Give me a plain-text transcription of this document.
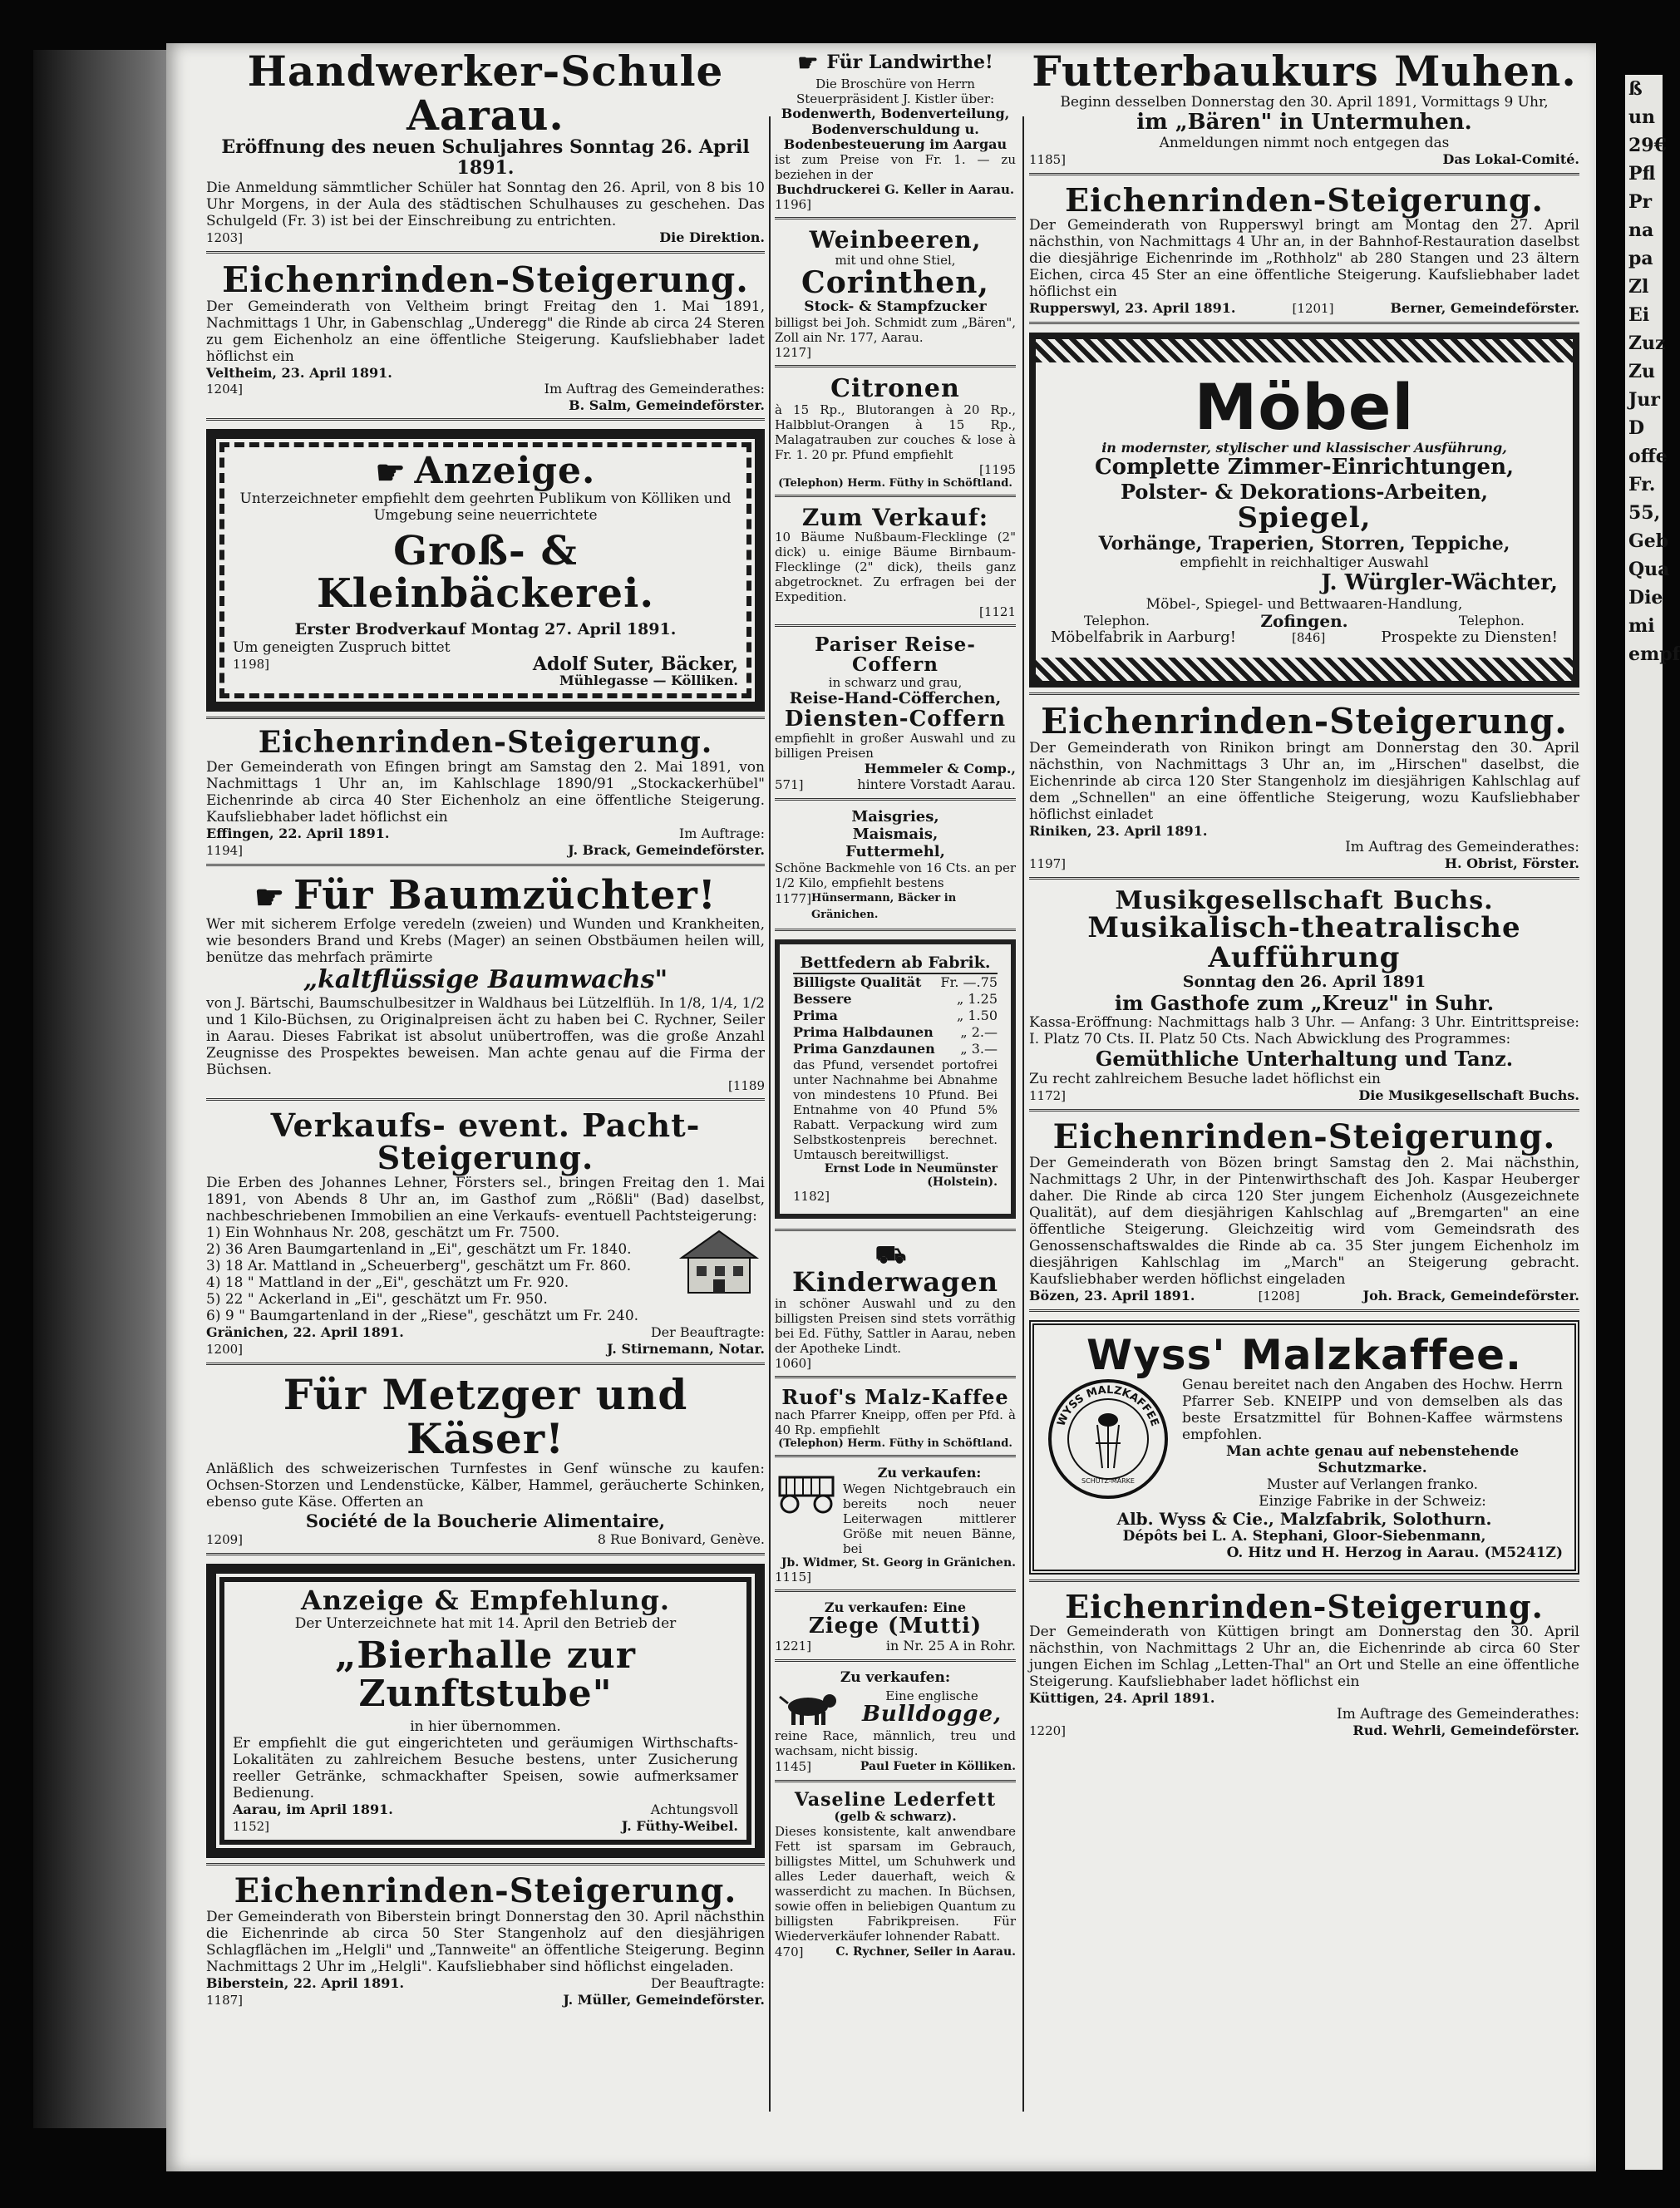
ß
un
29€
Pfl
Pr
na
pa
Zl
Ei
Zuz
Zu
Jur
D
offe
Fr.
55,
Geb
Qua
Die
mi
empf
Handwerker-Schule Aarau.
Eröffnung des neuen Schuljahres Sonntag 26. April 1891.
Die Anmeldung sämmtlicher Schüler hat Sonntag den 26. April, von 8 bis 10 Uhr Morgens, in der Aula des städtischen Schulhauses zu geschehen. Das Schulgeld (Fr. 3) ist bei der Einschreibung zu entrichten.
1203]	Die Direktion.
Eichenrinden-Steigerung.
Der Gemeinderath von Veltheim bringt Freitag den 1. Mai 1891, Nachmittags 1 Uhr, in Gabenschlag „Underegg" die Rinde ab circa 24 Steren zu gem Eichenholz an eine öffentliche Steigerung. Kaufsliebhaber ladet höflichst ein
Veltheim, 23. April 1891.
1204]	Im Auftrag des Gemeinderathes:
B. Salm, Gemeindeförster.
☛ Anzeige.
Unterzeichneter empfiehlt dem geehrten Publikum von Kölliken und Umgebung seine neuerrichtete
Groß- & Kleinbäckerei.
Erster Brodverkauf Montag 27. April 1891.
Um geneigten Zuspruch bittet
1198]	Adolf Suter, Bäcker,
Mühlegasse — Kölliken.
Eichenrinden-Steigerung.
Der Gemeinderath von Efingen bringt am Samstag den 2. Mai 1891, von Nachmittags 1 Uhr an, im Kahlschlage 1890/91 „Stockackerhübel" Eichenrinde ab circa 40 Ster Eichenholz an eine öffentliche Steigerung. Kaufsliebhaber ladet höflichst ein
Effingen, 22. April 1891.	Im Auftrage:
1194]	J. Brack, Gemeindeförster.
☛ Für Baumzüchter!
Wer mit sicherem Erfolge veredeln (zweien) und Wunden und Krankheiten, wie besonders Brand und Krebs (Mager) an seinen Obstbäumen heilen will, benütze das mehrfach prämirte
„kaltflüssige Baumwachs"
von J. Bärtschi, Baumschulbesitzer in Waldhaus bei Lützelflüh. In 1/8, 1/4, 1/2 und 1 Kilo-Büchsen, zu Originalpreisen ächt zu haben bei C. Rychner, Seiler in Aarau. Dieses Fabrikat ist absolut unübertroffen, was die große Anzahl Zeugnisse des Prospektes beweisen. Man achte genau auf die Firma der Büchsen.
[1189
Verkaufs- event. Pacht-Steigerung.
Die Erben des Johannes Lehner, Försters sel., bringen Freitag den 1. Mai 1891, von Abends 8 Uhr an, im Gasthof zum „Rößli" (Bad) daselbst, nachbeschriebenen Immobilien an eine Verkaufs- eventuell Pachtsteigerung:
1) Ein Wohnhaus Nr. 208, geschätzt um Fr. 7500.
2) 36 Aren Baumgartenland in „Ei", geschätzt um Fr. 1840.
3) 18 Ar. Mattland in „Scheuerberg", geschätzt um Fr. 860.
4) 18 " Mattland in der „Ei", geschätzt um Fr. 920.
5) 22 " Ackerland in „Ei", geschätzt um Fr. 950.
6) 9 " Baumgartenland in der „Riese", geschätzt um Fr. 240.
Gränichen, 22. April 1891.	Der Beauftragte:
1200]	J. Stirnemann, Notar.
Für Metzger und Käser!
Anläßlich des schweizerischen Turnfestes in Genf wünsche zu kaufen: Ochsen-Storzen und Lendenstücke, Kälber, Hammel, geräucherte Schinken, ebenso gute Käse. Offerten an
Société de la Boucherie Alimentaire,
1209]	8 Rue Bonivard, Genève.
Anzeige & Empfehlung.
Der Unterzeichnete hat mit 14. April den Betrieb der
„Bierhalle zur Zunftstube"
in hier übernommen.
Er empfiehlt die gut eingerichteten und geräumigen Wirthschafts-Lokalitäten zu zahlreichem Besuche bestens, unter Zusicherung reeller Getränke, schmackhafter Speisen, sowie aufmerksamer Bedienung.
Aarau, im April 1891.	Achtungsvoll
1152]	J. Füthy-Weibel.
Eichenrinden-Steigerung.
Der Gemeinderath von Biberstein bringt Donnerstag den 30. April nächsthin die Eichenrinde ab circa 50 Ster Stangenholz auf den diesjährigen Schlagflächen im „Helgli" und „Tannweite" an öffentliche Steigerung. Beginn Nachmittags 2 Uhr im „Helgli". Kaufsliebhaber sind höflichst eingeladen.
Biberstein, 22. April 1891.	Der Beauftragte:
1187]	J. Müller, Gemeindeförster.
☛ Für Landwirthe!
Die Broschüre von Herrn Steuerpräsident J. Kistler über:
Bodenwerth, Bodenverteilung, Bodenverschuldung u. Bodenbesteuerung im Aargau
ist zum Preise von Fr. 1. — zu beziehen in der
Buchdruckerei G. Keller in Aarau.
1196]
Weinbeeren,
mit und ohne Stiel,
Corinthen,
Stock- & Stampfzucker
billigst bei Joh. Schmidt zum „Bären", Zoll ain Nr. 177, Aarau.
1217]
Citronen
à 15 Rp., Blutorangen à 20 Rp., Halbblut-Orangen à 15 Rp., Malagatrauben zur couches & lose à Fr. 1. 20 pr. Pfund empfiehlt
[1195
(Telephon) Herm. Füthy in Schöftland.
Zum Verkauf:
10 Bäume Nußbaum-Flecklinge (2" dick) u. einige Bäume Birnbaum-Flecklinge (2" dick), theils ganz abgetrocknet. Zu erfragen bei der Expedition.
[1121
Pariser Reise-Coffern
in schwarz und grau,
Reise-Hand-Cöfferchen,
Diensten-Coffern
empfiehlt in großer Auswahl und zu billigen Preisen
Hemmeler & Comp.,
571]	hintere Vorstadt Aarau.
Maisgries,
Maismais,
Futtermehl,
Schöne Backmehle von 16 Cts. an per 1/2 Kilo, empfiehlt bestens
1177] Hünsermann, Bäcker in Gränichen.
Bettfedern ab Fabrik.
Billigste Qualität Fr. —.75
Bessere	„ 1.25
Prima	„ 1.50
Prima Halbdaunen „ 2.—
Prima Ganzdaunen „ 3.—
das Pfund, versendet portofrei unter Nachnahme bei Abnahme von mindestens 10 Pfund. Bei Entnahme von 40 Pfund 5% Rabatt. Verpackung wird zum Selbstkostenpreis berechnet. Umtausch bereitwilligst.
Ernst Lode in Neumünster (Holstein).
1182]
⛟Kinderwagen
in schöner Auswahl und zu den billigsten Preisen sind stets vorräthig bei Ed. Füthy, Sattler in Aarau, neben der Apotheke Lindt.
1060]
Ruof's Malz-Kaffee
nach Pfarrer Kneipp, offen per Pfd. à 40 Rp. empfiehlt
(Telephon) Herm. Füthy in Schöftland.
Zu verkaufen:
Wegen Nichtgebrauch ein bereits noch neuer Leiterwagen mittlerer Größe mit neuen Bänne, bei
Jb. Widmer, St. Georg in Gränichen.
1115]
Zu verkaufen: Eine
Ziege (Mutti)
1221]	in Nr. 25 A in Rohr.
Zu verkaufen:
Eine englische
Bulldogge,
reine Race, männlich, treu und wachsam, nicht bissig.
1145]	Paul Fueter in Kölliken.
Vaseline Lederfett
(gelb & schwarz).
Dieses konsistente, kalt anwendbare Fett ist sparsam im Gebrauch, billigstes Mittel, um Schuhwerk und alles Leder dauerhaft, weich & wasserdicht zu machen. In Büchsen, sowie offen in beliebigen Quantum zu billigsten Fabrikpreisen. Für Wiederverkäufer lohnender Rabatt.
470]	C. Rychner, Seiler in Aarau.
Futterbaukurs Muhen.
Beginn desselben Donnerstag den 30. April 1891, Vormittags 9 Uhr,
im „Bären" in Untermuhen.
Anmeldungen nimmt noch entgegen das
1185]	Das Lokal-Comité.
Eichenrinden-Steigerung.
Der Gemeinderath von Rupperswyl bringt am Montag den 27. April nächsthin, von Nachmittags 4 Uhr an, in der Bahnhof-Restauration daselbst die diesjährige Eichenrinde im „Rothholz" ab 280 Stangen und 23 ältern Eichen, circa 45 Ster an eine öffentliche Steigerung. Kaufsliebhaber ladet höflichst ein
Rupperswyl, 23. April 1891.	[1201]	Berner, Gemeindeförster.
Möbel
in modernster, stylischer und klassischer Ausführung,
Complette Zimmer-Einrichtungen,
Polster- & Dekorations-Arbeiten,
Spiegel,
Vorhänge, Traperien, Storren, Teppiche,
empfiehlt in reichhaltiger Auswahl
J. Würgler-Wächter,
Möbel-, Spiegel- und Bettwaaren-Handlung,
Telephon.	Zofingen.	Telephon.
Möbelfabrik in Aarburg!	[846]	Prospekte zu Diensten!
Eichenrinden-Steigerung.
Der Gemeinderath von Rinikon bringt am Donnerstag den 30. April nächsthin, von Nachmittags 3 Uhr an, im „Hirschen" daselbst, die Eichenrinde ab circa 120 Ster Stangenholz im diesjährigen Kahlschlag auf dem „Schnellen" an eine öffentliche Steigerung, wozu Kaufsliebhaber höflichst einladet
Riniken, 23. April 1891.
Im Auftrag des Gemeinderathes:
1197]	H. Obrist, Förster.
Musikgesellschaft Buchs.
Musikalisch-theatralische Aufführung
Sonntag den 26. April 1891
im Gasthofe zum „Kreuz" in Suhr.
Kassa-Eröffnung: Nachmittags halb 3 Uhr. — Anfang: 3 Uhr. Eintrittspreise: I. Platz 70 Cts. II. Platz 50 Cts. Nach Abwicklung des Programmes:
Gemüthliche Unterhaltung und Tanz.
Zu recht zahlreichem Besuche ladet höflichst ein
1172]	Die Musikgesellschaft Buchs.
Eichenrinden-Steigerung.
Der Gemeinderath von Bözen bringt Samstag den 2. Mai nächsthin, Nachmittags 2 Uhr, in der Pintenwirthschaft des Joh. Kaspar Heuberger daher. Die Rinde ab circa 120 Ster jungem Eichenholz (Ausgezeichnete Qualität), auf dem diesjährigen Kahlschlag auf „Bremgarten" an eine öffentliche Steigerung. Gleichzeitig wird vom Gemeindsrath des Genossenschaftswaldes die Rinde ab ca. 35 Ster jungem Eichenholz im diesjährigen Kahlschlag im „March" an Steigerung gebracht. Kaufsliebhaber werden höflichst eingeladen
Bözen, 23. April 1891.	[1208]	Joh. Brack, Gemeindeförster.
Wyss' Malzkaffee.
WYSS MALZKAFFEE
SCHUTZ-MARKE
Genau bereitet nach den Angaben des Hochw. Herrn Pfarrer Seb. KNEIPP und von demselben als das beste Ersatzmittel für Bohnen-Kaffee wärmstens empfohlen.
Man achte genau auf nebenstehende Schutzmarke.
Muster auf Verlangen franko.
Einzige Fabrike in der Schweiz:
Alb. Wyss & Cie., Malzfabrik, Solothurn.
Dépôts bei L. A. Stephani, Gloor-Siebenmann,
O. Hitz und H. Herzog in Aarau. (M5241Z)
Eichenrinden-Steigerung.
Der Gemeinderath von Küttigen bringt am Donnerstag den 30. April nächsthin, von Nachmittags 2 Uhr an, die Eichenrinde ab circa 60 Ster jungen Eichen im Schlag „Letten-Thal" an Ort und Stelle an eine öffentliche Steigerung. Kaufsliebhaber ladet höflichst ein
Küttigen, 24. April 1891.
Im Auftrage des Gemeinderathes:
1220]	Rud. Wehrli, Gemeindeförster.
